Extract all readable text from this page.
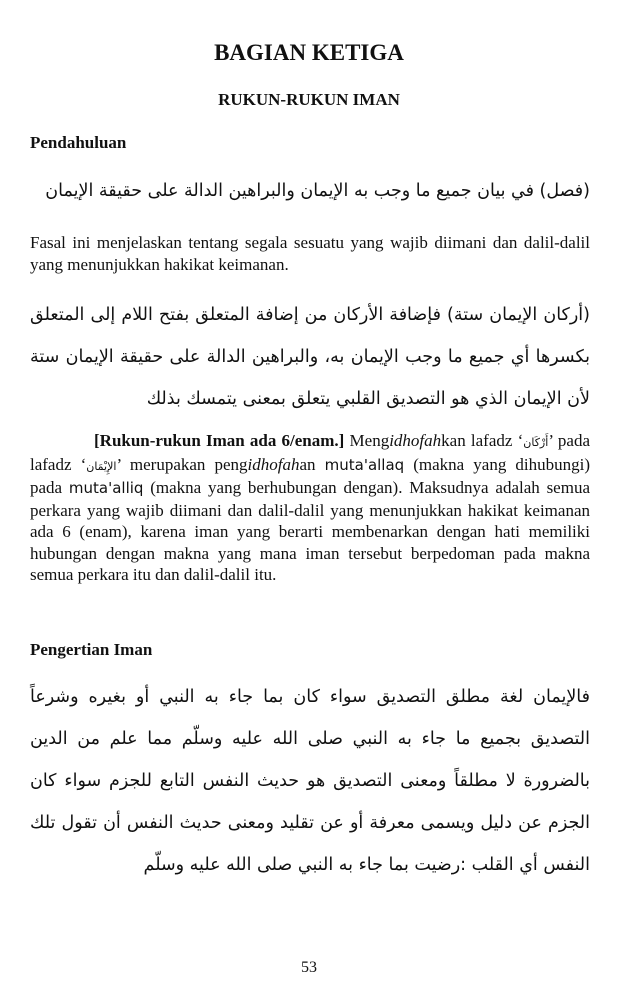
BAGIAN KETIGA
RUKUN-RUKUN IMAN
Pendahuluan

(فصل) في بيان جميع ما وجب به الإيمان والبراهين الدالة على حقيقة الإيمان

Fasal ini menjelaskan tentang segala sesuatu yang wajib diimani dan dalil-dalil yang menunjukkan hakikat keimanan.

(أركان الإيمان ستة) فإضافة الأركان من إضافة المتعلق بفتح اللام إلى المتعلق بكسرها أي جميع ما وجب الإيمان به، والبراهين الدالة على حقيقة الإيمان ستة لأن الإيمان الذي هو التصديق القلبي يتعلق بمعنى يتمسك بذلك

[Rukun-rukun Iman ada 6/enam.] Mengidhofahkan lafadz ‘أَرْكَان’ pada lafadz ‘الإِيْمَان’ merupakan pengidhofahan muta'allaq (makna yang dihubungi) pada muta'alliq (makna yang berhubungan dengan). Maksudnya adalah semua perkara yang wajib diimani dan dalil-dalil yang menunjukkan hakikat keimanan ada 6 (enam), karena iman yang berarti membenarkan dengan hati memiliki hubungan dengan makna yang mana iman tersebut berpedoman pada makna semua perkara itu dan dalil-dalil itu.

Pengertian Iman

فالإيمان لغة مطلق التصديق سواء كان بما جاء به النبي أو بغيره وشرعاً التصديق بجميع ما جاء به النبي صلى الله عليه وسلّم مما علم من الدين بالضرورة لا مطلقاً ومعنى التصديق هو حديث النفس التابع للجزم سواء كان الجزم عن دليل ويسمى معرفة أو عن تقليد ومعنى حديث النفس أن تقول تلك النفس أي القلب :رضيت بما جاء به النبي صلى الله عليه وسلّم

53
